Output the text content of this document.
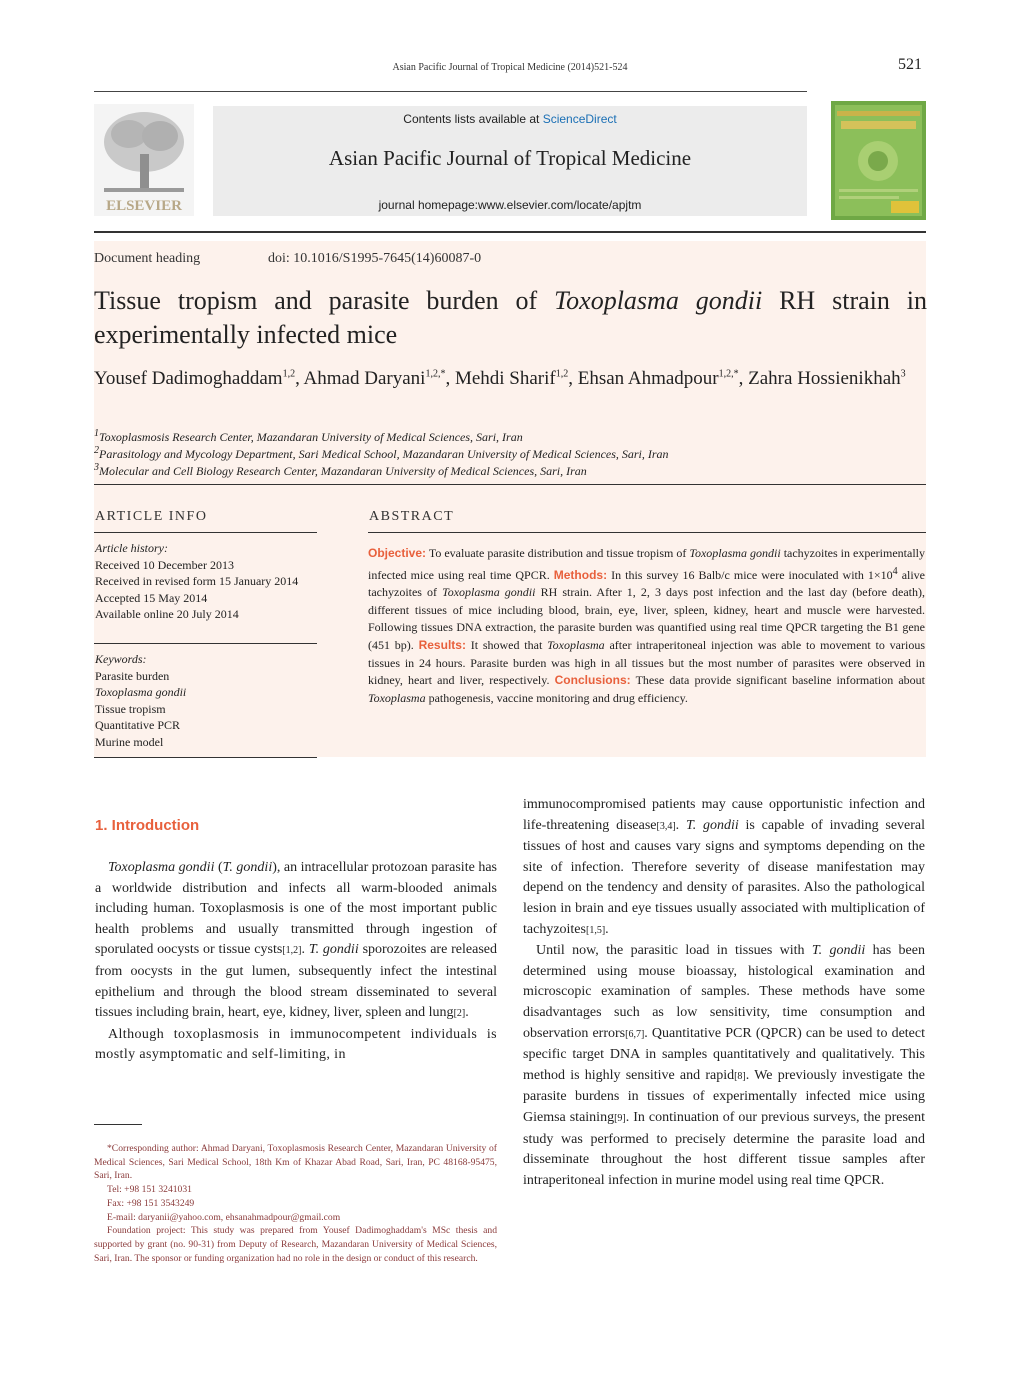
Asian Pacific Journal of Tropical Medicine (2014)521-524	521
ELSEVIER
Contents lists available at ScienceDirect
Asian Pacific Journal of Tropical Medicine
journal homepage:www.elsevier.com/locate/apjtm
Document heading	doi: 10.1016/S1995-7645(14)60087-0
Tissue tropism and parasite burden of Toxoplasma gondii RH strain in experimentally infected mice
Yousef Dadimoghaddam$^{1,2}$, Ahmad Daryani$^{1,2,*}$, Mehdi Sharif$^{1,2}$, Ehsan Ahmadpour$^{1,2,*}$, Zahra Hossienikhah$^3$
$^1$Toxoplasmosis Research Center, Mazandaran University of Medical Sciences, Sari, Iran
$^2$Parasitology and Mycology Department, Sari Medical School, Mazandaran University of Medical Sciences, Sari, Iran
$^3$Molecular and Cell Biology Research Center, Mazandaran University of Medical Sciences, Sari, Iran
ARTICLE INFO
Article history:
Received 10 December 2013
Received in revised form 15 January 2014
Accepted 15 May 2014
Available online 20 July 2014
Keywords:
Parasite burden
Toxoplasma gondii
Tissue tropism
Quantitative PCR
Murine model
ABSTRACT
Objective: To evaluate parasite distribution and tissue tropism of Toxoplasma gondii tachyzoites in experimentally infected mice using real time QPCR. Methods: In this survey 16 Balb/c mice were inoculated with $1\times 10^4$ alive tachyzoites of Toxoplasma gondii RH strain. After 1, 2, 3 days post infection and the last day (before death), different tissues of mice including blood, brain, eye, liver, spleen, kidney, heart and muscle were harvested. Following tissues DNA extraction, the parasite burden was quantified using real time QPCR targeting the B1 gene (451 bp). Results: It showed that Toxoplasma after intraperitoneal injection was able to movement to various tissues in 24 hours. Parasite burden was high in all tissues but the most number of parasites were observed in kidney, heart and liver, respectively. Conclusions: These data provide significant baseline information about Toxoplasma pathogenesis, vaccine monitoring and drug efficiency.
1. Introduction

Toxoplasma gondii (T. gondii), an intracellular protozoan parasite has a worldwide distribution and infects all warm-blooded animals including human. Toxoplasmosis is one of the most important public health problems and usually transmitted through ingestion of sporulated oocysts or tissue cysts[1,2]. T. gondii sporozoites are released from oocysts in the gut lumen, subsequently infect the intestinal epithelium and through the blood stream disseminated to several tissues including brain, heart, eye, kidney, liver, spleen and lung[2].

Although toxoplasmosis in immunocompetent individuals is mostly asymptomatic and self-limiting, in

immunocompromised patients may cause opportunistic infection and life-threatening disease[3,4]. T. gondii is capable of invading several tissues of host and causes vary signs and symptoms depending on the site of infection. Therefore severity of disease manifestation may depend on the tendency and density of parasites. Also the pathological lesion in brain and eye tissues usually associated with multiplication of tachyzoites[1,5].

Until now, the parasitic load in tissues with T. gondii has been determined using mouse bioassay, histological examination and microscopic examination of samples. These methods have some disadvantages such as low sensitivity, time consumption and observation errors[6,7]. Quantitative PCR (QPCR) can be used to detect specific target DNA in samples quantitatively and qualitatively. This method is highly sensitive and rapid[8]. We previously investigate the parasite burdens in tissues of experimentally infected mice using Giemsa staining[9]. In continuation of our previous surveys, the present study was performed to precisely determine the parasite load and disseminate throughout the host different tissue samples after intraperitoneal infection in murine model using real time QPCR.

*Corresponding author: Ahmad Daryani, Toxoplasmosis Research Center, Mazandaran University of Medical Sciences, Sari Medical School, 18th Km of Khazar Abad Road, Sari, Iran, PC 48168-95475, Sari, Iran.

Tel: +98 151 3241031

Fax: +98 151 3543249

E-mail: daryanii@yahoo.com, ehsanahmadpour@gmail.com

Foundation project: This study was prepared from Yousef Dadimoghaddam's MSc thesis and supported by grant (no. 90-31) from Deputy of Research, Mazandaran University of Medical Sciences, Sari, Iran. The sponsor or funding organization had no role in the design or conduct of this research.
